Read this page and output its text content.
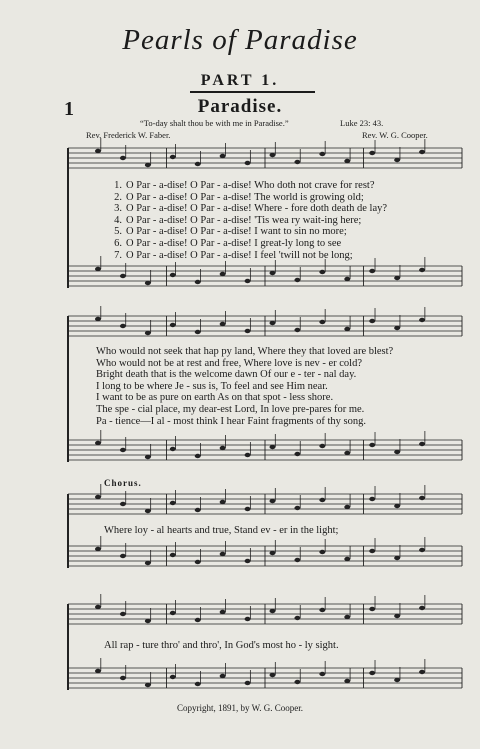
Pearls of Paradise
PART 1.
1	Paradise.
“To-day shalt thou be with me in Paradise.”	Luke 23: 43.
Rev. Frederick W. Faber.	Rev. W. G. Cooper.
1. O Par - a-dise! O Par - a-dise! Who doth not crave for rest?
2. O Par - a-dise! O Par - a-dise! The world is growing old;
3. O Par - a-dise! O Par - a-dise! Where - fore doth death de lay?
4. O Par - a-dise! O Par - a-dise! 'Tis wea ry wait-ing here;
5. O Par - a-dise! O Par - a-dise! I want to sin no more;
6. O Par - a-dise! O Par - a-dise! I great-ly long to see
7. O Par - a-dise! O Par - a-dise! I feel 'twill not be long;
Who would not seek that hap py land, Where they that loved are blest?
Who would not be at rest and free, Where love is nev - er cold?
Bright death that is the welcome dawn Of our e - ter - nal day.
I long to be where Je - sus is, To feel and see Him near.
I want to be as pure on earth As on that spot - less shore.
The spe - cial place, my dear-est Lord, In love pre-pares for me.
Pa - tience—I al - most think I hear Faint fragments of thy song.
Chorus.
Where loy - al hearts and true, Stand ev - er in the light;
All rap - ture thro' and thro', In God's most ho - ly sight.
Copyright, 1891, by W. G. Cooper.
